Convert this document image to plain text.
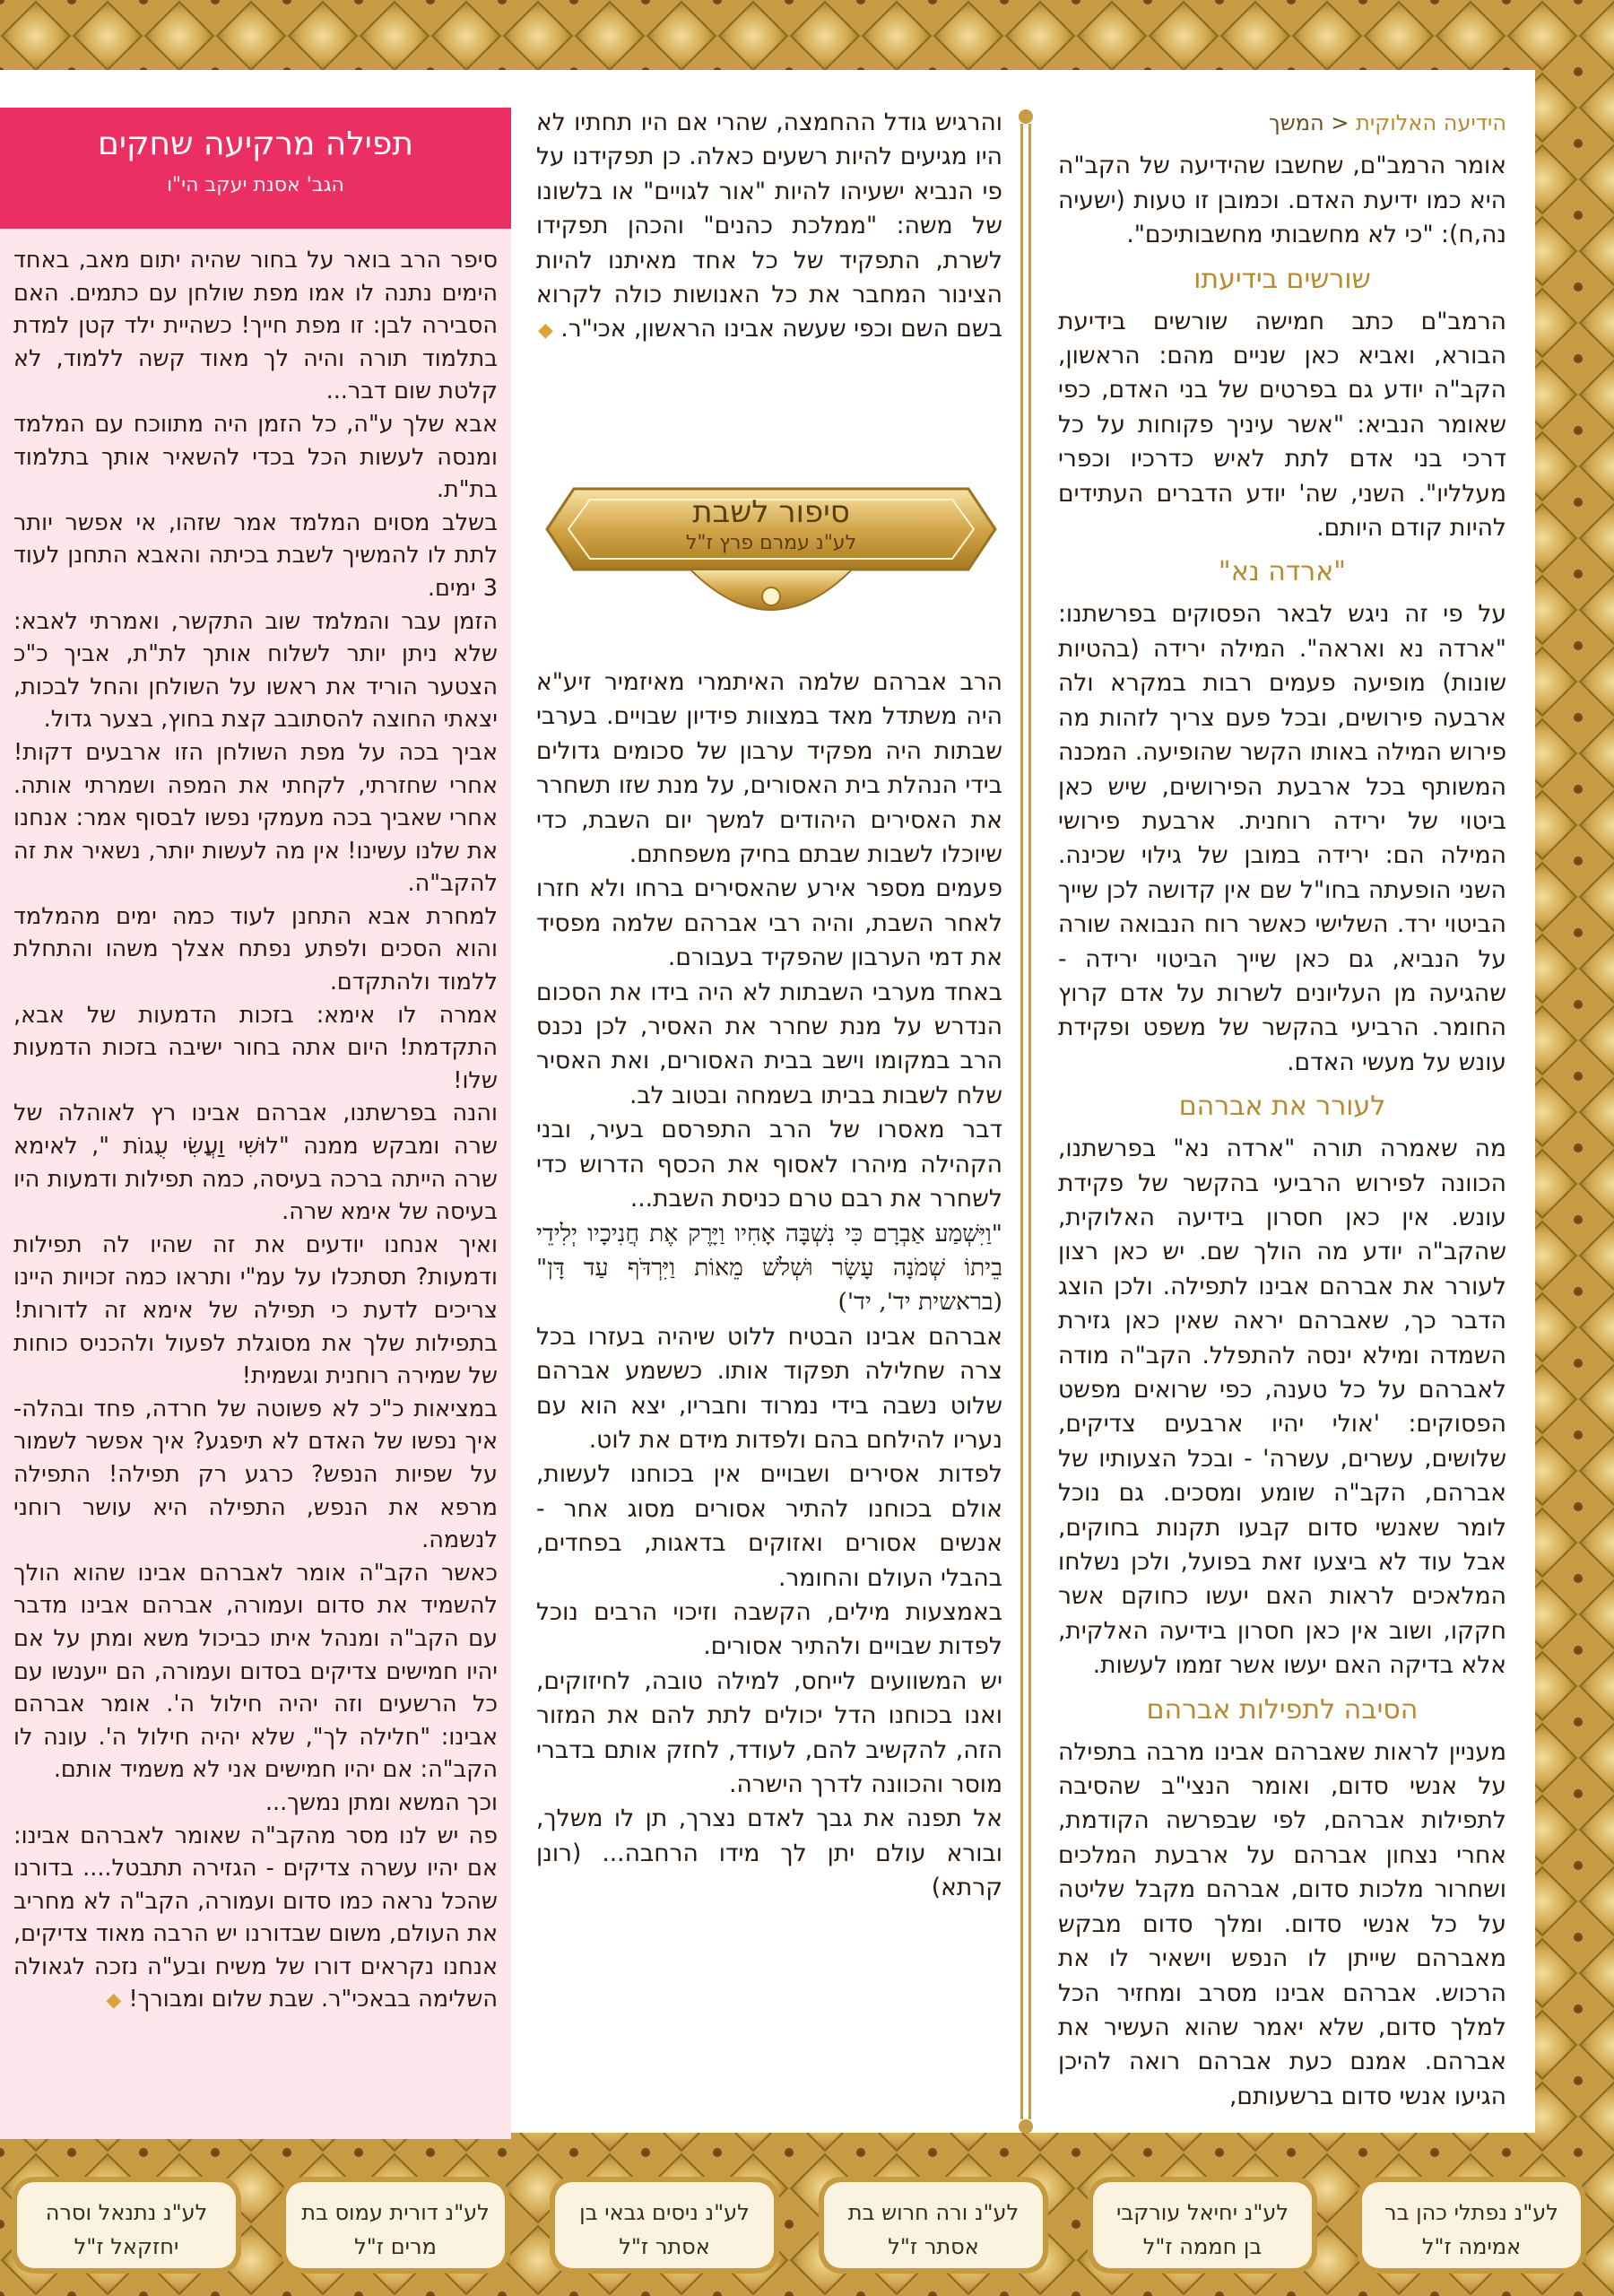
הידיעה האלוקית < המשך

אומר הרמב"ם, שחשבו שהידיעה של הקב"ה היא כמו ידיעת האדם. וכמובן זו טעות (ישעיה נה,ח): "כי לא מחשבותי מחשבותיכם".

שורשים בידיעתו

הרמב"ם כתב חמישה שורשים בידיעת הבורא, ואביא כאן שניים מהם: הראשון, הקב"ה יודע גם בפרטים של בני האדם, כפי שאומר הנביא: "אשר עיניך פקוחות על כל דרכי בני אדם לתת לאיש כדרכיו וכפרי מעלליו". השני, שה' יודע הדברים העתידים להיות קודם היותם.

"ארדה נא"

על פי זה ניגש לבאר הפסוקים בפרשתנו: "ארדה נא ואראה". המילה ירידה (בהטיות שונות) מופיעה פעמים רבות במקרא ולה ארבעה פירושים, ובכל פעם צריך לזהות מה פירוש המילה באותו הקשר שהופיעה. המכנה המשותף בכל ארבעת הפירושים, שיש כאן ביטוי של ירידה רוחנית. ארבעת פירושי המילה הם: ירידה במובן של גילוי שכינה. השני הופעתה בחו"ל שם אין קדושה לכן שייך הביטוי ירד. השלישי כאשר רוח הנבואה שורה על הנביא, גם כאן שייך הביטוי ירידה - שהגיעה מן העליונים לשרות על אדם קרוץ החומר. הרביעי בהקשר של משפט ופקידת עונש על מעשי האדם.

לעורר את אברהם

מה שאמרה תורה "ארדה נא" בפרשתנו, הכוונה לפירוש הרביעי בהקשר של פקידת עונש. אין כאן חסרון בידיעה האלוקית, שהקב"ה יודע מה הולך שם. יש כאן רצון לעורר את אברהם אבינו לתפילה. ולכן הוצג הדבר כך, שאברהם יראה שאין כאן גזירת השמדה ומילא ינסה להתפלל. הקב"ה מודה לאברהם על כל טענה, כפי שרואים מפשט הפסוקים: 'אולי יהיו ארבעים צדיקים, שלושים, עשרים, עשרה' - ובכל הצעותיו של אברהם, הקב"ה שומע ומסכים. גם נוכל לומר שאנשי סדום קבעו תקנות בחוקים, אבל עוד לא ביצעו זאת בפועל, ולכן נשלחו המלאכים לראות האם יעשו כחוקם אשר חקקו, ושוב אין כאן חסרון בידיעה האלקית, אלא בדיקה האם יעשו אשר זממו לעשות.

הסיבה לתפילות אברהם

מעניין לראות שאברהם אבינו מרבה בתפילה על אנשי סדום, ואומר הנצי"ב שהסיבה לתפילות אברהם, לפי שבפרשה הקודמת, אחרי נצחון אברהם על ארבעת המלכים ושחרור מלכות סדום, אברהם מקבל שליטה על כל אנשי סדום. ומלך סדום מבקש מאברהם שייתן לו הנפש וישאיר לו את הרכוש. אברהם אבינו מסרב ומחזיר הכל למלך סדום, שלא יאמר שהוא העשיר את אברהם. אמנם כעת אברהם רואה להיכן הגיעו אנשי סדום ברשעותם,

והרגיש גודל ההחמצה, שהרי אם היו תחתיו לא היו מגיעים להיות רשעים כאלה. כן תפקידנו על פי הנביא ישעיהו להיות "אור לגויים" או בלשונו של משה: "ממלכת כהנים" והכהן תפקידו לשרת, התפקיד של כל אחד מאיתנו להיות הצינור המחבר את כל האנושות כולה לקרוא בשם השם וכפי שעשה אבינו הראשון, אכי"ר. ◆

סיפור לשבת
לע"נ עמרם פרץ ז"ל

הרב אברהם שלמה האיתמרי מאיזמיר זיע"א היה משתדל מאד במצוות פידיון שבויים. בערבי שבתות היה מפקיד ערבון של סכומים גדולים בידי הנהלת בית האסורים, על מנת שזו תשחרר את האסירים היהודים למשך יום השבת, כדי שיוכלו לשבות שבתם בחיק משפחתם.

פעמים מספר אירע שהאסירים ברחו ולא חזרו לאחר השבת, והיה רבי אברהם שלמה מפסיד את דמי הערבון שהפקיד בעבורם.

באחד מערבי השבתות לא היה בידו את הסכום הנדרש על מנת שחרר את האסיר, לכן נכנס הרב במקומו וישב בבית האסורים, ואת האסיר שלח לשבות בביתו בשמחה ובטוב לב.

דבר מאסרו של הרב התפרסם בעיר, ובני הקהילה מיהרו לאסוף את הכסף הדרוש כדי לשחרר את רבם טרם כניסת השבת...

"וַיִּשְׁמַע אַבְרָם כִּי נִשְׁבָּה אָחִיו וַיָּרֶק אֶת חֲנִיכָיו יְלִידֵי בֵיתוֹ שְׁמֹנָה עָשָׂר וּשְׁלֹשׁ מֵאוֹת וַיִּרְדֹּף עַד דָּן" (בראשית יד', יד')

אברהם אבינו הבטיח ללוט שיהיה בעזרו בכל צרה שחלילה תפקוד אותו. כששמע אברהם שלוט נשבה בידי נמרוד וחבריו, יצא הוא עם נעריו להילחם בהם ולפדות מידם את לוט.

לפדות אסירים ושבויים אין בכוחנו לעשות, אולם בכוחנו להתיר אסורים מסוג אחר - אנשים אסורים ואזוקים בדאגות, בפחדים, בהבלי העולם והחומר.

באמצעות מילים, הקשבה וזיכוי הרבים נוכל לפדות שבויים ולהתיר אסורים.

יש המשוועים לייחס, למילה טובה, לחיזוקים, ואנו בכוחנו הדל יכולים לתת להם את המזור הזה, להקשיב להם, לעודד, לחזק אותם בדברי מוסר והכוונה לדרך הישרה.

אל תפנה את גבך לאדם נצרך, תן לו משלך, ובורא עולם יתן לך מידו הרחבה... (רונן קרתא)

תפילה מרקיעה שחקים
הגב' אסנת יעקב הי"ו

סיפר הרב בואר על בחור שהיה יתום מאב, באחד הימים נתנה לו אמו מפת שולחן עם כתמים. האם הסבירה לבן: זו מפת חייך! כשהיית ילד קטן למדת בתלמוד תורה והיה לך מאוד קשה ללמוד, לא קלטת שום דבר...

אבא שלך ע"ה, כל הזמן היה מתווכח עם המלמד ומנסה לעשות הכל בכדי להשאיר אותך בתלמוד בת"ת.

בשלב מסוים המלמד אמר שזהו, אי אפשר יותר לתת לו להמשיך לשבת בכיתה והאבא התחנן לעוד 3 ימים.

הזמן עבר והמלמד שוב התקשר, ואמרתי לאבא: שלא ניתן יותר לשלוח אותך לת"ת, אביך כ"כ הצטער הוריד את ראשו על השולחן והחל לבכות, יצאתי החוצה להסתובב קצת בחוץ, בצער גדול.

אביך בכה על מפת השולחן הזו ארבעים דקות! אחרי שחזרתי, לקחתי את המפה ושמרתי אותה. אחרי שאביך בכה מעמקי נפשו לבסוף אמר: אנחנו את שלנו עשינו! אין מה לעשות יותר, נשאיר את זה להקב"ה.

למחרת אבא התחנן לעוד כמה ימים מהמלמד והוא הסכים ולפתע נפתח אצלך משהו והתחלת ללמוד ולהתקדם.

אמרה לו אימא: בזכות הדמעות של אבא, התקדמת! היום אתה בחור ישיבה בזכות הדמעות שלו!

והנה בפרשתנו, אברהם אבינו רץ לאוהלה של שרה ומבקש ממנה "לוּשִׁי וַעֲשִׂי עֻגוֹת ", לאימא שרה הייתה ברכה בעיסה, כמה תפילות ודמעות היו בעיסה של אימא שרה.

ואיך אנחנו יודעים את זה שהיו לה תפילות ודמעות? תסתכלו על עמ"י ותראו כמה זכויות היינו צריכים לדעת כי תפילה של אימא זה לדורות! בתפילות שלך את מסוגלת לפעול ולהכניס כוחות של שמירה רוחנית וגשמית!

במציאות כ"כ לא פשוטה של חרדה, פחד ובהלה- איך נפשו של האדם לא תיפגע? איך אפשר לשמור על שפיות הנפש? כרגע רק תפילה! התפילה מרפא את הנפש, התפילה היא עושר רוחני לנשמה.

כאשר הקב"ה אומר לאברהם אבינו שהוא הולך להשמיד את סדום ועמורה, אברהם אבינו מדבר עם הקב"ה ומנהל איתו כביכול משא ומתן על אם יהיו חמישים צדיקים בסדום ועמורה, הם ייענשו עם כל הרשעים וזה יהיה חילול ה'. אומר אברהם אבינו: "חלילה לך", שלא יהיה חילול ה'. עונה לו הקב"ה: אם יהיו חמישים אני לא משמיד אותם.

וכך המשא ומתן נמשך...

פה יש לנו מסר מהקב"ה שאומר לאברהם אבינו: אם יהיו עשרה צדיקים - הגזירה תתבטל.... בדורנו שהכל נראה כמו סדום ועמורה, הקב"ה לא מחריב את העולם, משום שבדורנו יש הרבה מאוד צדיקים, אנחנו נקראים דורו של משיח ובע"ה נזכה לגאולה השלימה בבאכי"ר. שבת שלום ומבורך! ◆

לע"נ נפתלי כהן בר
אמימה ז"ל
לע"נ יחיאל עורקבי
בן חממה ז"ל
לע"נ ורה חרוש בת
אסתר ז"ל
לע"נ ניסים גבאי בן
אסתר ז"ל
לע"נ דורית עמוס בת
מרים ז"ל
לע"נ נתנאל וסרה
יחזקאל ז"ל
